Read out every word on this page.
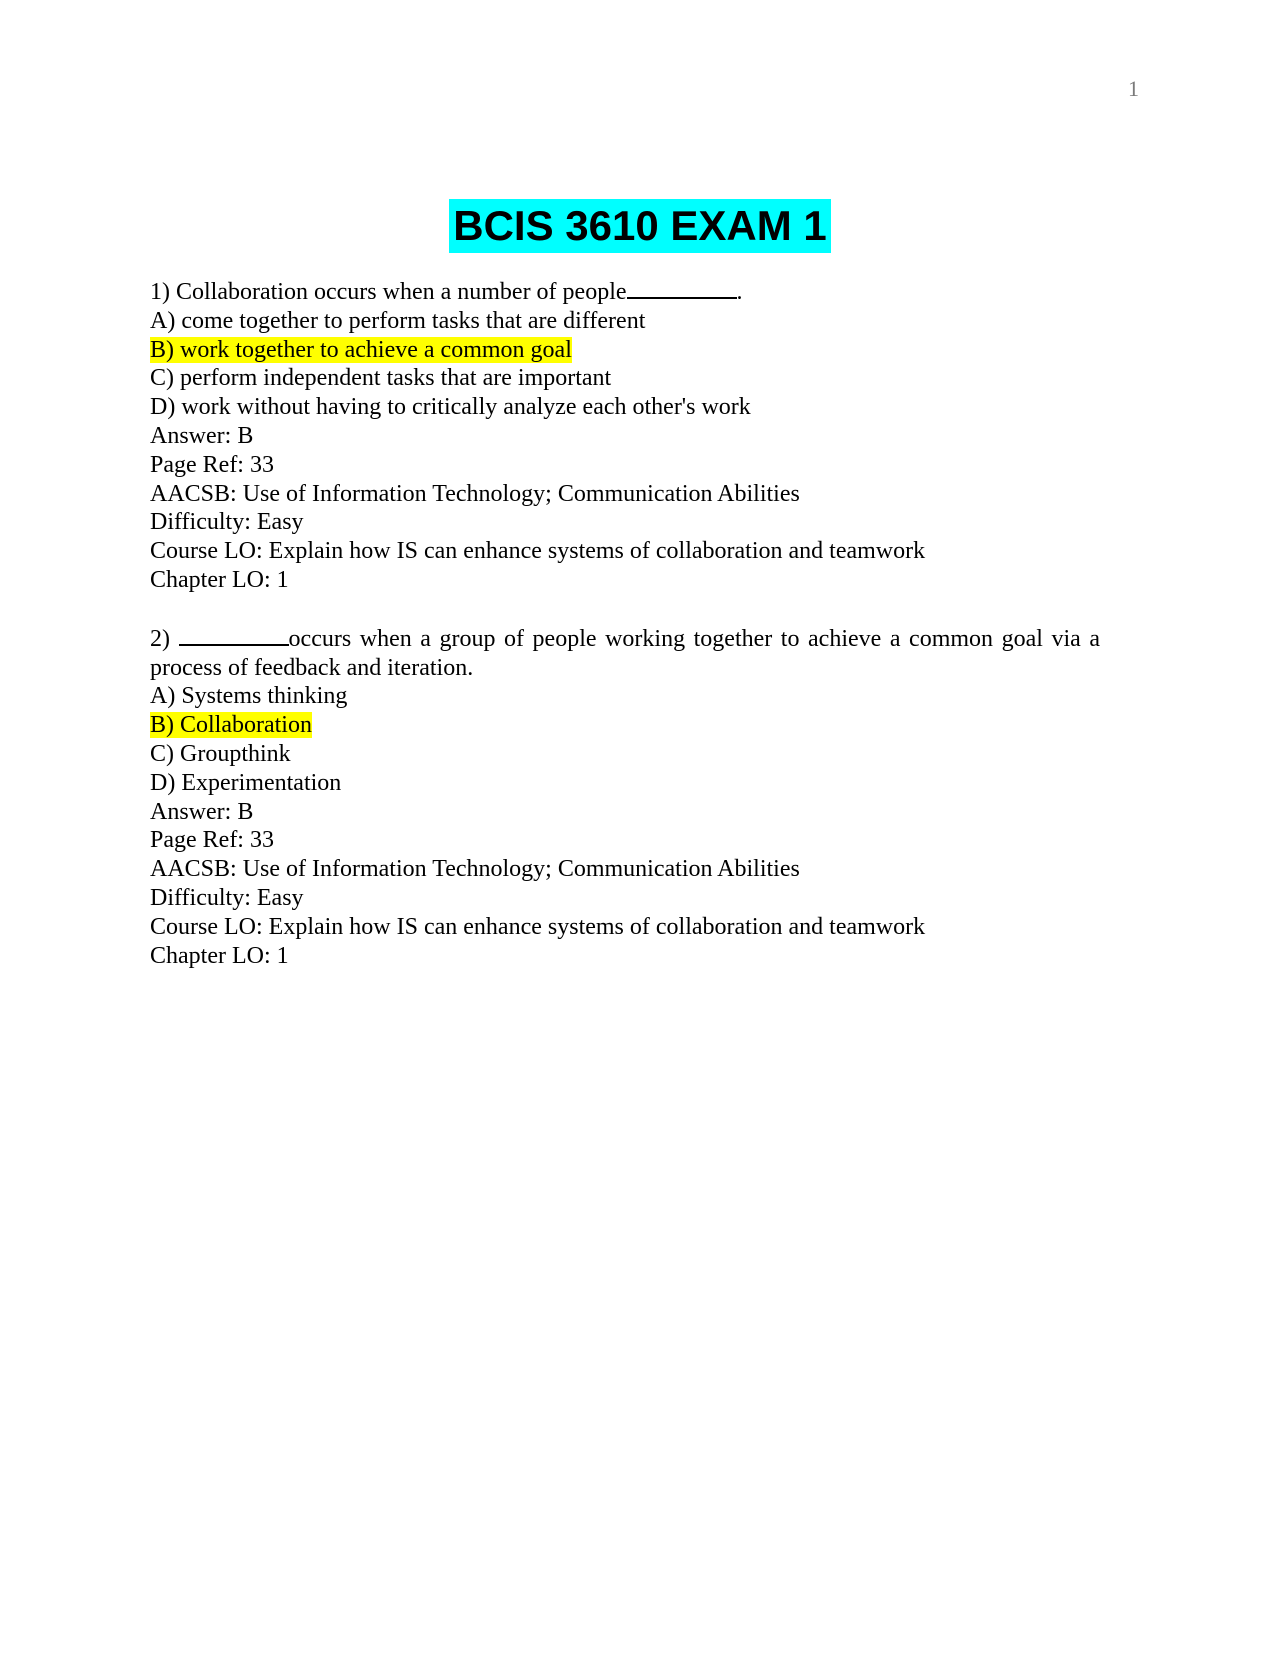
1
BCIS 3610 EXAM 1
1) Collaboration occurs when a number of people	.
A) come together to perform tasks that are different
B) work together to achieve a common goal
C) perform independent tasks that are important
D) work without having to critically analyze each other's work
Answer: B
Page Ref: 33
AACSB: Use of Information Technology; Communication Abilities
Difficulty: Easy
Course LO: Explain how IS can enhance systems of collaboration and teamwork
Chapter LO: 1
2)	occurs when a group of people working together to achieve a common goal via a process of feedback and iteration.
A) Systems thinking
B) Collaboration
C) Groupthink
D) Experimentation
Answer: B
Page Ref: 33
AACSB: Use of Information Technology; Communication Abilities
Difficulty: Easy
Course LO: Explain how IS can enhance systems of collaboration and teamwork
Chapter LO: 1
